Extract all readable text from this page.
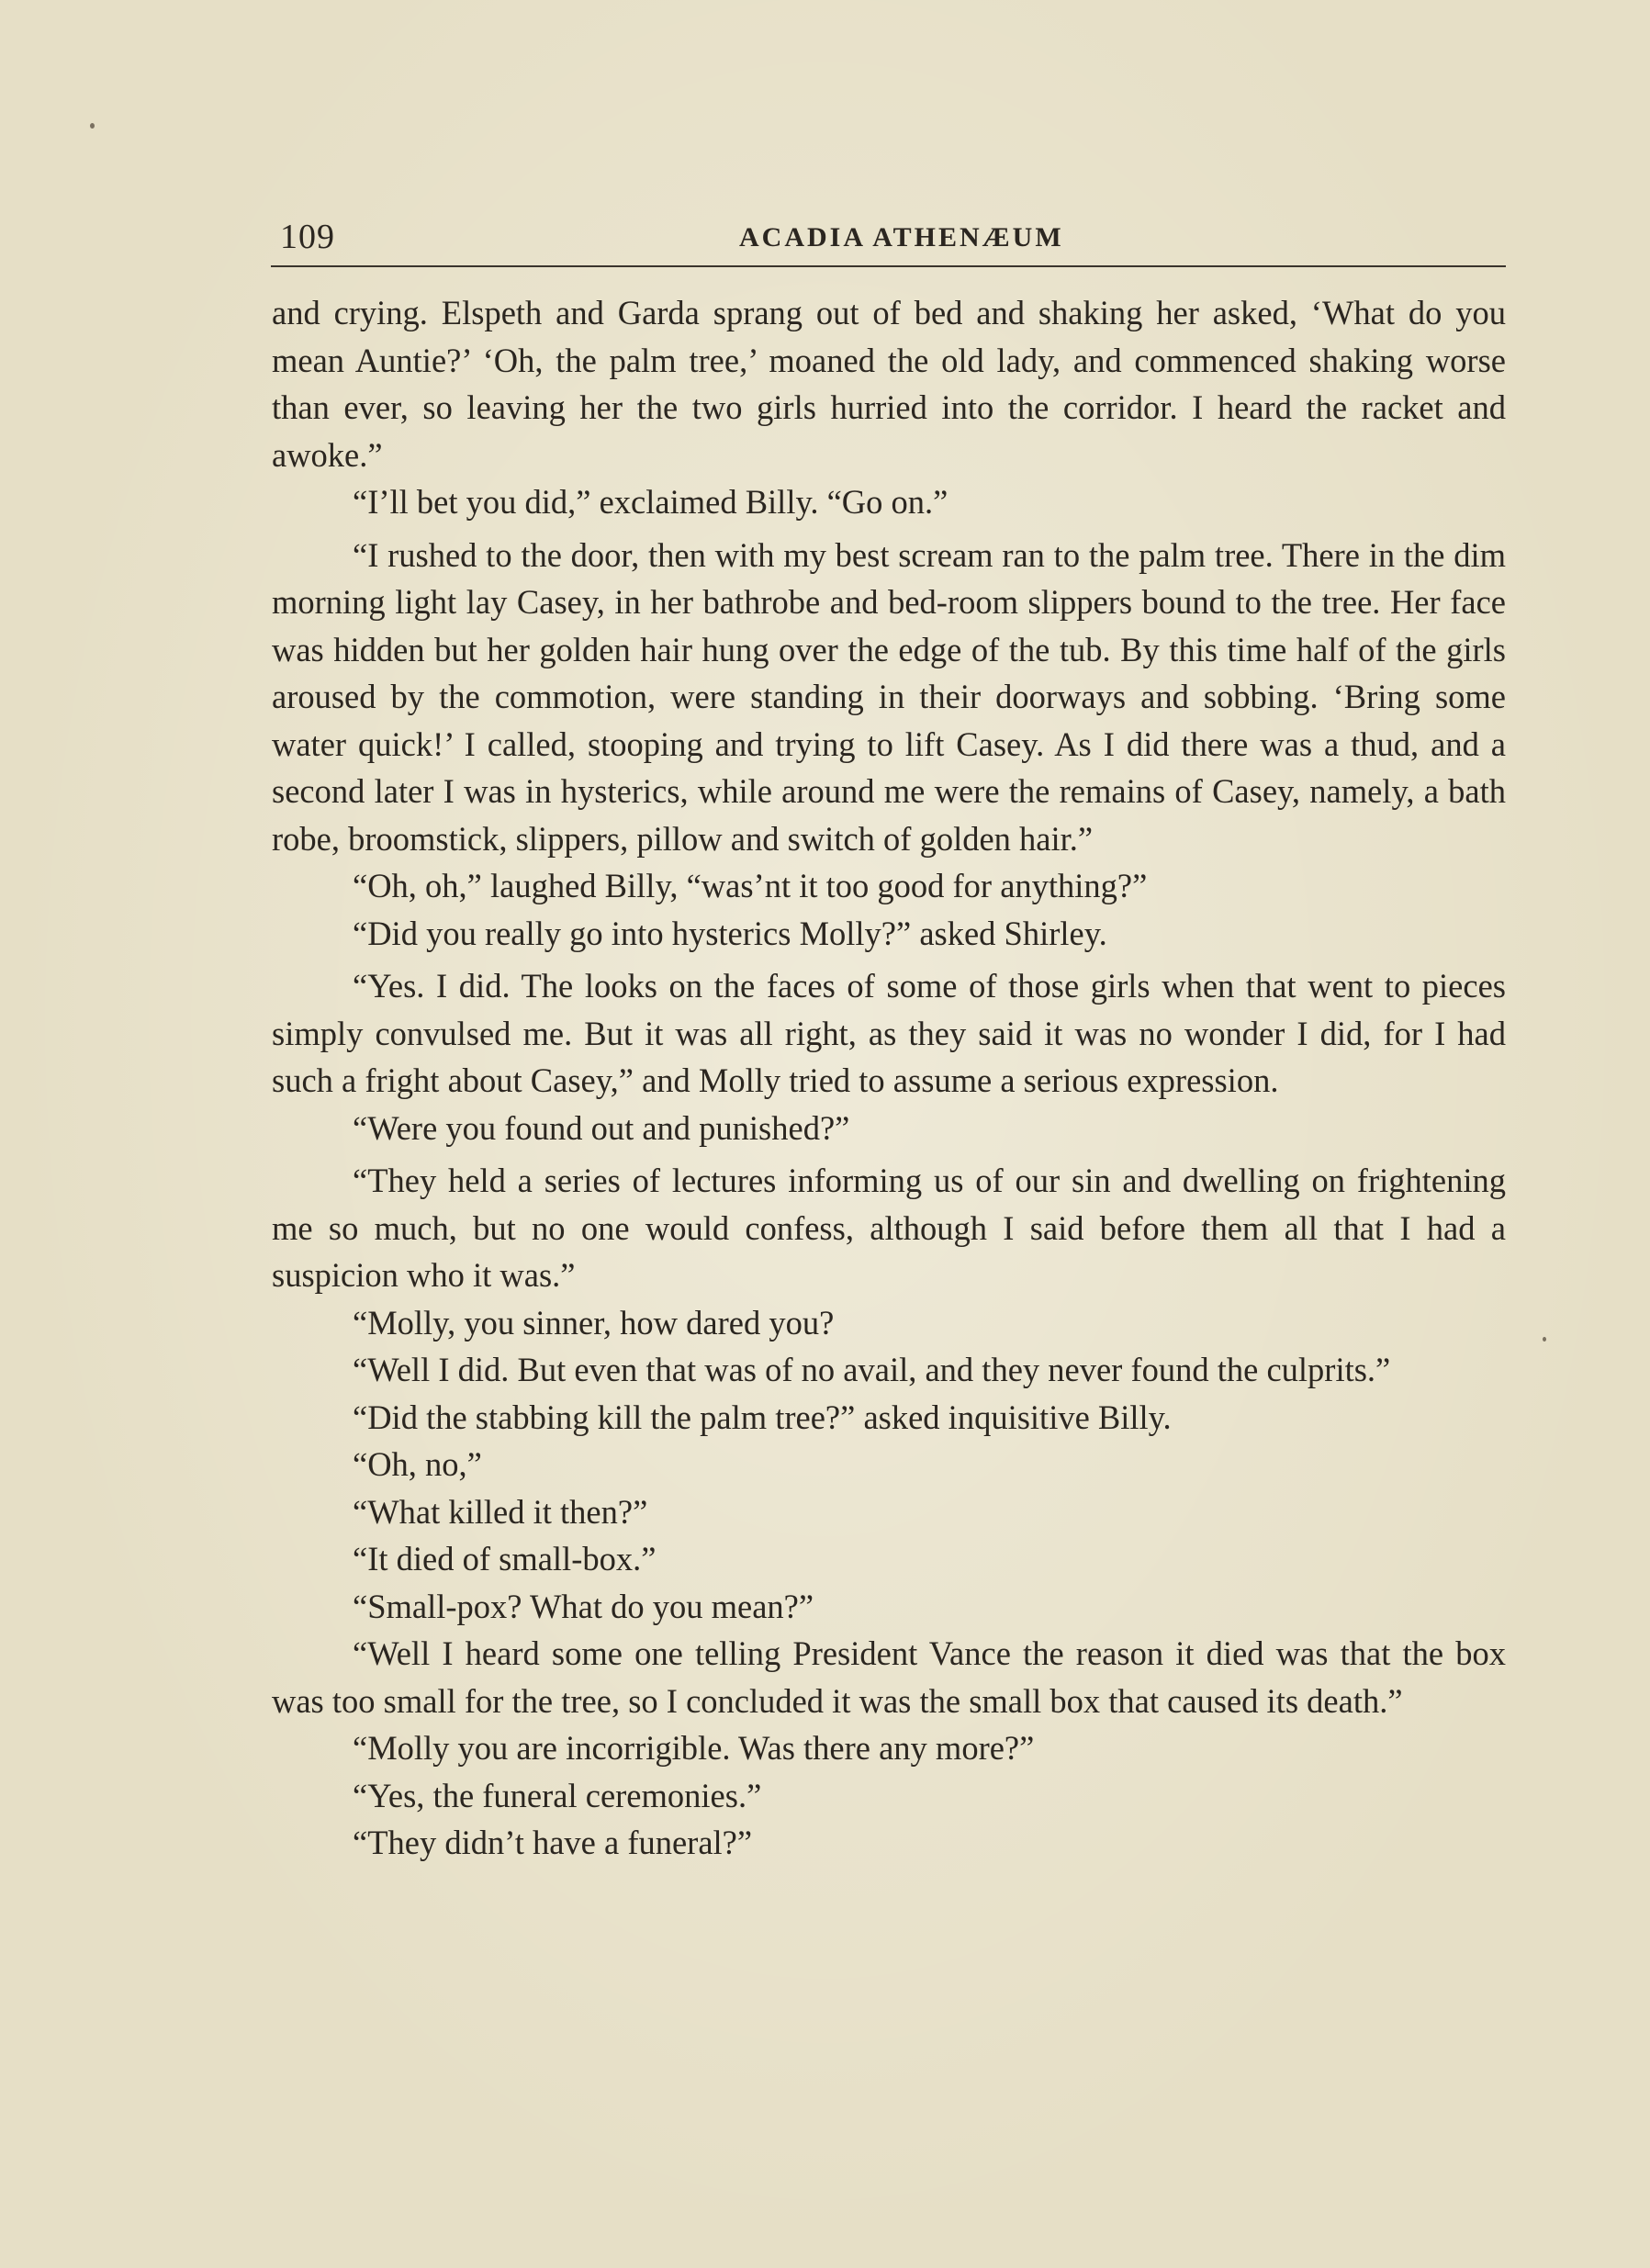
109	ACADIA ATHENÆUM

and crying. Elspeth and Garda sprang out of bed and shaking her asked, ‘What do you mean Auntie?’ ‘Oh, the palm tree,’ moaned the old lady, and commenced shaking worse than ever, so leaving her the two girls hurried into the corridor. I heard the racket and awoke.”

“I’ll bet you did,” exclaimed Billy. “Go on.”

“I rushed to the door, then with my best scream ran to the palm tree. There in the dim morning light lay Casey, in her bathrobe and bed-room slippers bound to the tree. Her face was hidden but her golden hair hung over the edge of the tub. By this time half of the girls aroused by the commotion, were standing in their doorways and sobbing. ‘Bring some water quick!’ I called, stooping and trying to lift Casey. As I did there was a thud, and a second later I was in hysterics, while around me were the remains of Casey, namely, a bath robe, broomstick, slippers, pillow and switch of golden hair.”

“Oh, oh,” laughed Billy, “was’nt it too good for anything?”

“Did you really go into hysterics Molly?” asked Shirley.

“Yes. I did. The looks on the faces of some of those girls when that went to pieces simply convulsed me. But it was all right, as they said it was no wonder I did, for I had such a fright about Casey,” and Molly tried to assume a serious expression.

“Were you found out and punished?”

“They held a series of lectures informing us of our sin and dwelling on frightening me so much, but no one would confess, although I said before them all that I had a suspicion who it was.”

“Molly, you sinner, how dared you?

“Well I did. But even that was of no avail, and they never found the culprits.”

“Did the stabbing kill the palm tree?” asked inquisitive Billy.

“Oh, no,”

“What killed it then?”

“It died of small-box.”

“Small-pox? What do you mean?”

“Well I heard some one telling President Vance the reason it died was that the box was too small for the tree, so I concluded it was the small box that caused its death.”

“Molly you are incorrigible. Was there any more?”

“Yes, the funeral ceremonies.”

“They didn’t have a funeral?”
